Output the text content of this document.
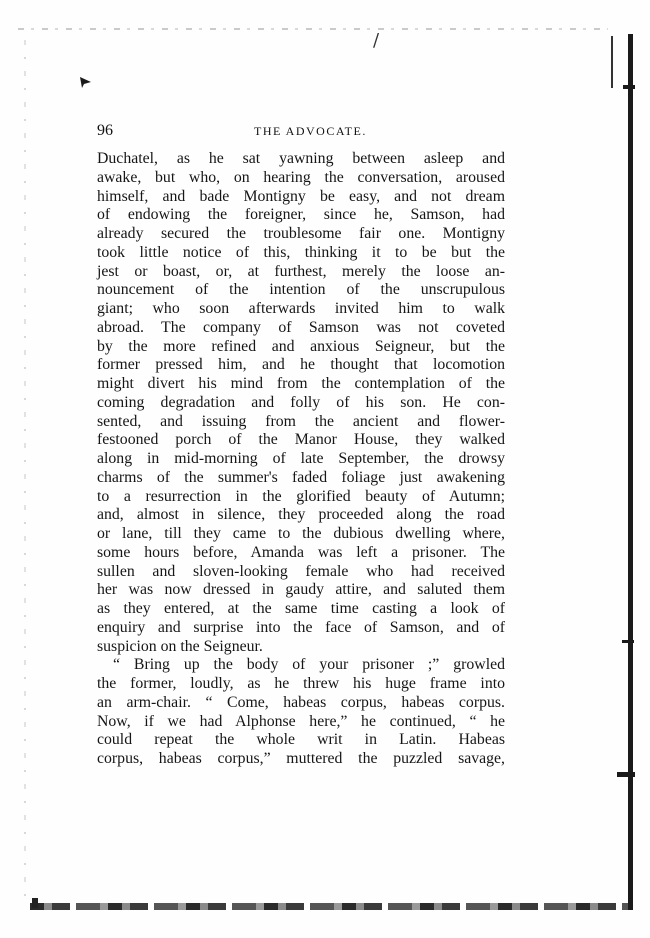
/
96	THE ADVOCATE.
Duchatel, as he sat yawning between asleep and
awake, but who, on hearing the conversation, aroused
himself, and bade Montigny be easy, and not dream
of endowing the foreigner, since he, Samson, had
already secured the troublesome fair one. Montigny
took little notice of this, thinking it to be but the
jest or boast, or, at furthest, merely the loose an-
nouncement of the intention of the unscrupulous
giant; who soon afterwards invited him to walk
abroad. The company of Samson was not coveted
by the more refined and anxious Seigneur, but the
former pressed him, and he thought that locomotion
might divert his mind from the contemplation of the
coming degradation and folly of his son. He con-
sented, and issuing from the ancient and flower-
festooned porch of the Manor House, they walked
along in mid-morning of late September, the drowsy
charms of the summer's faded foliage just awakening
to a resurrection in the glorified beauty of Autumn;
and, almost in silence, they proceeded along the road
or lane, till they came to the dubious dwelling where,
some hours before, Amanda was left a prisoner. The
sullen and sloven-looking female who had received
her was now dressed in gaudy attire, and saluted them
as they entered, at the same time casting a look of
enquiry and surprise into the face of Samson, and of
suspicion on the Seigneur.
“ Bring up the body of your prisoner ;” growled
the former, loudly, as he threw his huge frame into
an arm-chair. “ Come, habeas corpus, habeas corpus.
Now, if we had Alphonse here,” he continued, “ he
could repeat the whole writ in Latin. Habeas
corpus, habeas corpus,” muttered the puzzled savage,
